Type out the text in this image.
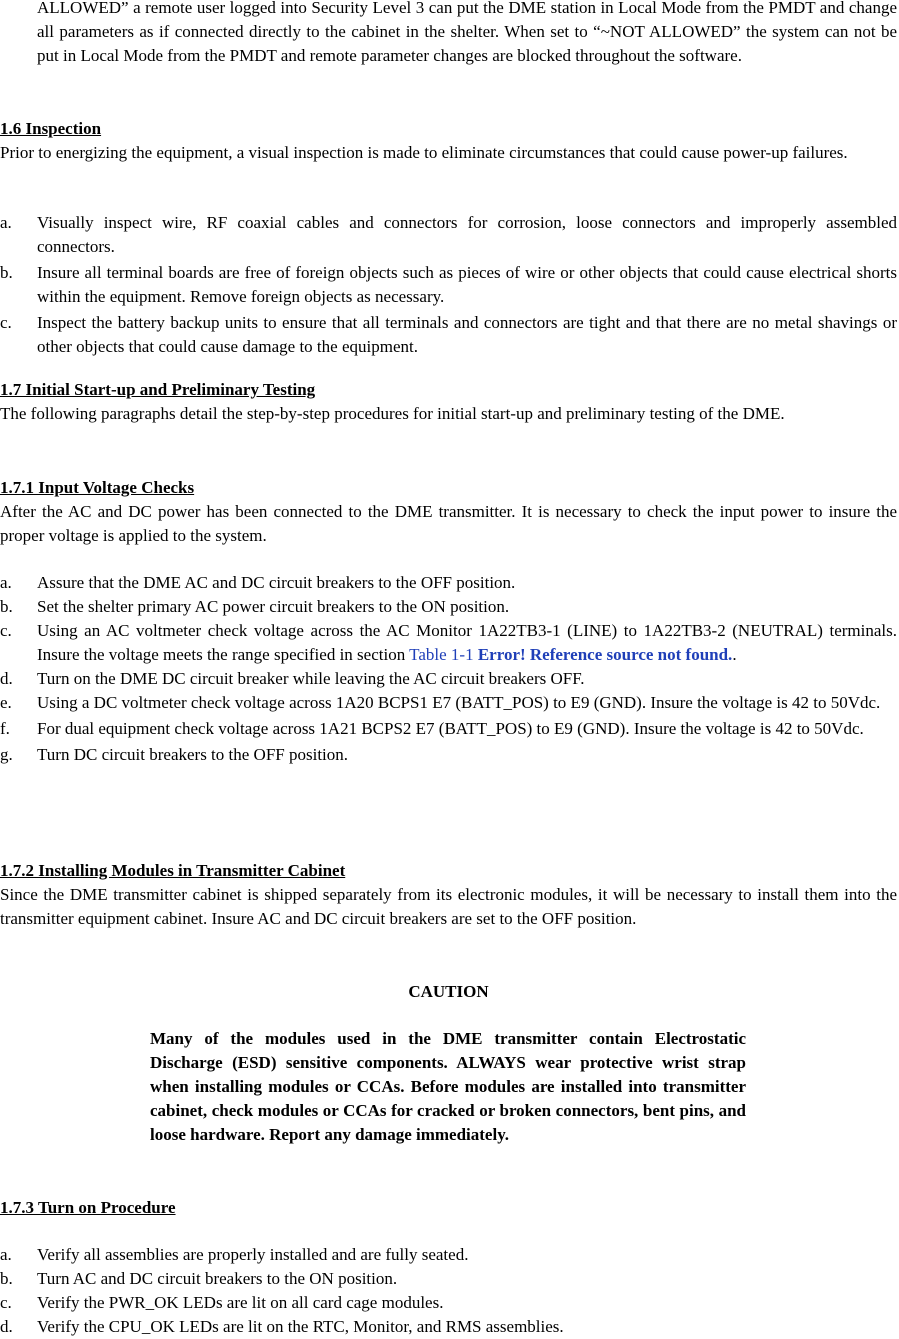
ALLOWED” a remote user logged into Security Level 3 can put the DME station in Local Mode from the PMDT and change all parameters as if connected directly to the cabinet in the shelter. When set to “~NOT ALLOWED” the system can not be put in Local Mode from the PMDT and remote parameter changes are blocked throughout the software.

1.6 Inspection

Prior to energizing the equipment, a visual inspection is made to eliminate circumstances that could cause power-up failures.

a. Visually inspect wire, RF coaxial cables and connectors for corrosion, loose connectors and improperly assembled connectors.
b. Insure all terminal boards are free of foreign objects such as pieces of wire or other objects that could cause electrical shorts within the equipment. Remove foreign objects as necessary.
c. Inspect the battery backup units to ensure that all terminals and connectors are tight and that there are no metal shavings or other objects that could cause damage to the equipment.

1.7 Initial Start-up and Preliminary Testing

The following paragraphs detail the step-by-step procedures for initial start-up and preliminary testing of the DME.

1.7.1 Input Voltage Checks

After the AC and DC power has been connected to the DME transmitter. It is necessary to check the input power to insure the proper voltage is applied to the system.

a. Assure that the DME AC and DC circuit breakers to the OFF position.
b. Set the shelter primary AC power circuit breakers to the ON position.
c. Using an AC voltmeter check voltage across the AC Monitor 1A22TB3-1 (LINE) to 1A22TB3-2 (NEUTRAL) terminals. Insure the voltage meets the range specified in section Table 1-1 Error! Reference source not found..
d. Turn on the DME DC circuit breaker while leaving the AC circuit breakers OFF.
e. Using a DC voltmeter check voltage across 1A20 BCPS1 E7 (BATT_POS) to E9 (GND). Insure the voltage is 42 to 50Vdc.
f. For dual equipment check voltage across 1A21 BCPS2 E7 (BATT_POS) to E9 (GND). Insure the voltage is 42 to 50Vdc.
g. Turn DC circuit breakers to the OFF position.

1.7.2 Installing Modules in Transmitter Cabinet

Since the DME transmitter cabinet is shipped separately from its electronic modules, it will be necessary to install them into the transmitter equipment cabinet. Insure AC and DC circuit breakers are set to the OFF position.

CAUTION

Many of the modules used in the DME transmitter contain Electrostatic Discharge (ESD) sensitive components. ALWAYS wear protective wrist strap when installing modules or CCAs. Before modules are installed into transmitter cabinet, check modules or CCAs for cracked or broken connectors, bent pins, and loose hardware. Report any damage immediately.

1.7.3 Turn on Procedure

a. Verify all assemblies are properly installed and are fully seated.
b. Turn AC and DC circuit breakers to the ON position.
c. Verify the PWR_OK LEDs are lit on all card cage modules.
d. Verify the CPU_OK LEDs are lit on the RTC, Monitor, and RMS assemblies.
